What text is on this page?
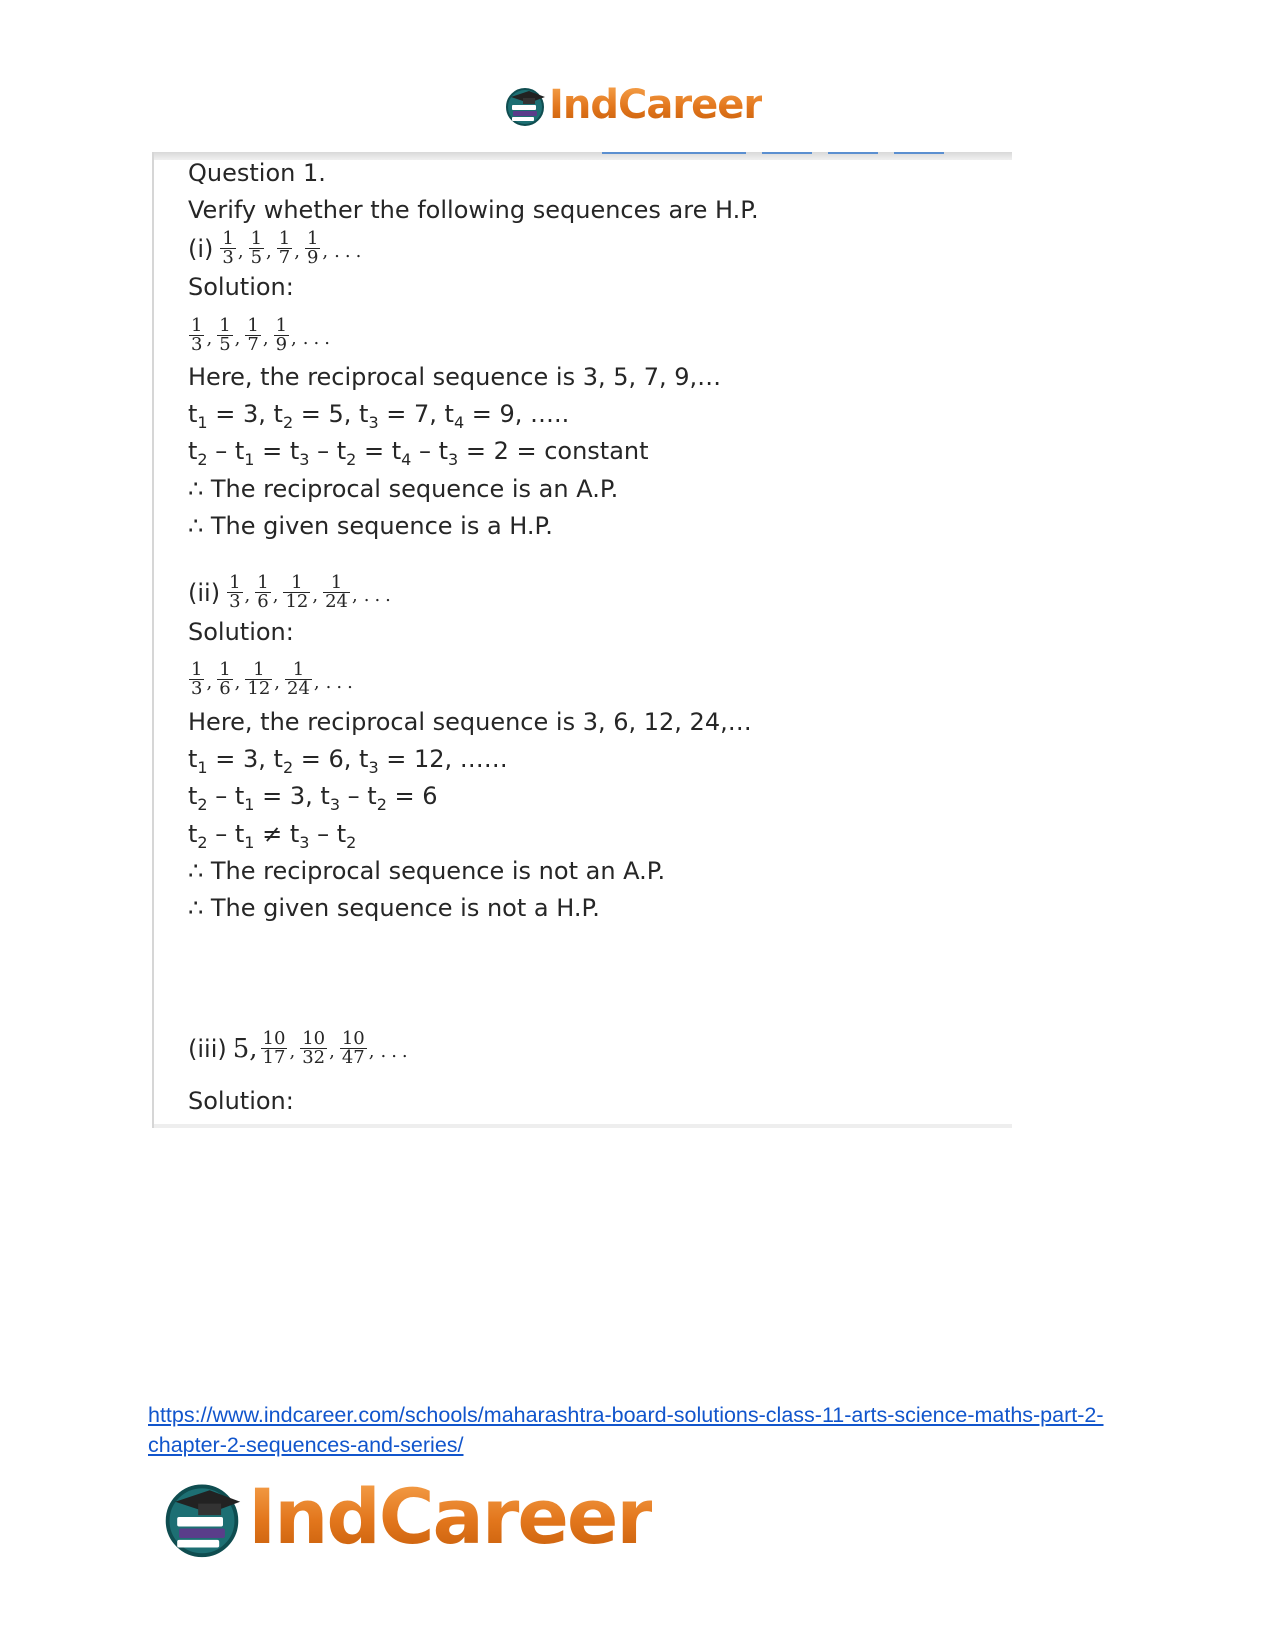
IndCareer
Question 1.
Verify whether the following sequences are H.P.
$(i) \frac{1}{3}$ , $\frac{1}{5}$ , $\frac{1}{7}$ , $\frac{1}{9}$ , ...
Solution:
$\frac{1}{3}$ , $\frac{1}{5}$ , $\frac{1}{7}$ , $\frac{1}{9}$ , ...
Here, the reciprocal sequence is 3, 5, 7, 9,…
$t_1 = 3$, $t_2 = 5$, $t_3 = 7$, $t_4 = 9$, …..
$t_2 - t_1 = t_3 - t_2 = t_4 - t_3 = 2$ = constant
∴ The reciprocal sequence is an A.P.
∴ The given sequence is a H.P.
$(ii) \frac{1}{3}$ , $\frac{1}{6}$ , $\frac{1}{12}$ , $\frac{1}{24}$ , ...
Solution:
$\frac{1}{3}$ , $\frac{1}{6}$ , $\frac{1}{12}$ , $\frac{1}{24}$ , ...
Here, the reciprocal sequence is 3, 6, 12, 24,…
$t_1 = 3$, $t_2 = 6$, $t_3 = 12$, ……
$t_2 - t_1 = 3$, $t_3 - t_2 = 6$
$t_2 - t_1 \ne t_3 - t_2$
∴ The reciprocal sequence is not an A.P.
∴ The given sequence is not a H.P.
(iii) 5, $\frac{10}{17}$ , $\frac{10}{32}$ , $\frac{10}{47}$ , ...
Solution:
https://www.indcareer.com/schools/maharashtra-board-solutions-class-11-arts-science-maths-part-2-chapter-2-sequences-and-series/
IndCareer
